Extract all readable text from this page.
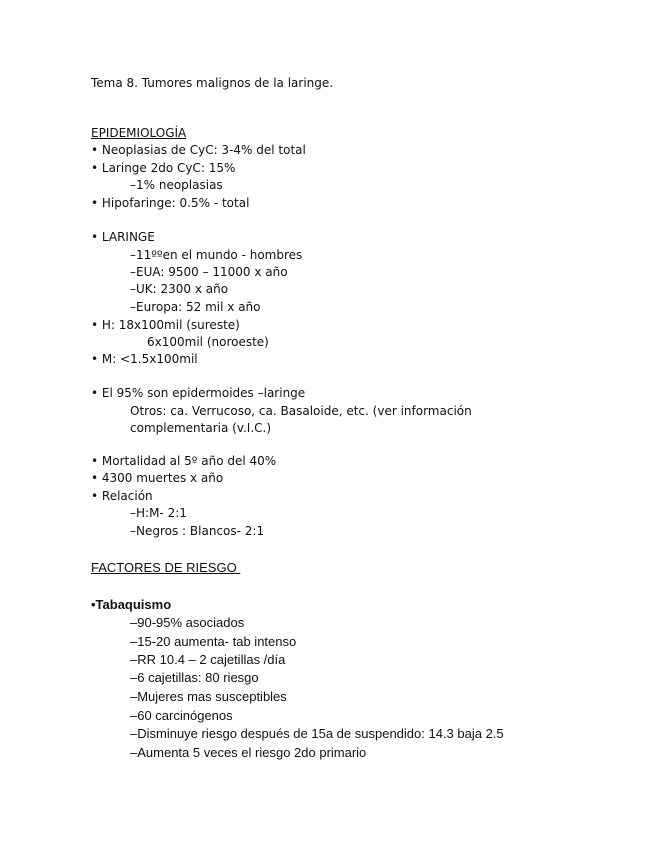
Tema 8. Tumores malignos de la laringe.
EPIDEMIOLOGÍA
• Neoplasias de CyC: 3-4% del total
• Laringe 2do CyC: 15%
–1% neoplasias
• Hipofaringe: 0.5% - total
• LARINGE
–11ººen el mundo - hombres
–EUA: 9500 – 11000 x año
–UK: 2300 x año
–Europa: 52 mil x año
• H: 18x100mil (sureste)
6x100mil (noroeste)
• M: <1.5x100mil
• El 95% son epidermoides –laringe
Otros: ca. Verrucoso, ca. Basaloide, etc. (ver información
complementaria (v.I.C.)
• Mortalidad al 5º año del 40%
• 4300 muertes x año
• Relación
–H:M- 2:1
–Negros : Blancos- 2:1
FACTORES DE RIESGO
•Tabaquismo
–90-95% asociados
–15-20 aumenta- tab intenso
–RR 10.4 – 2 cajetillas /día
–6 cajetillas: 80 riesgo
–Mujeres mas susceptibles
–60 carcinógenos
–Disminuye riesgo después de 15a de suspendido: 14.3 baja 2.5
–Aumenta 5 veces el riesgo 2do primario
